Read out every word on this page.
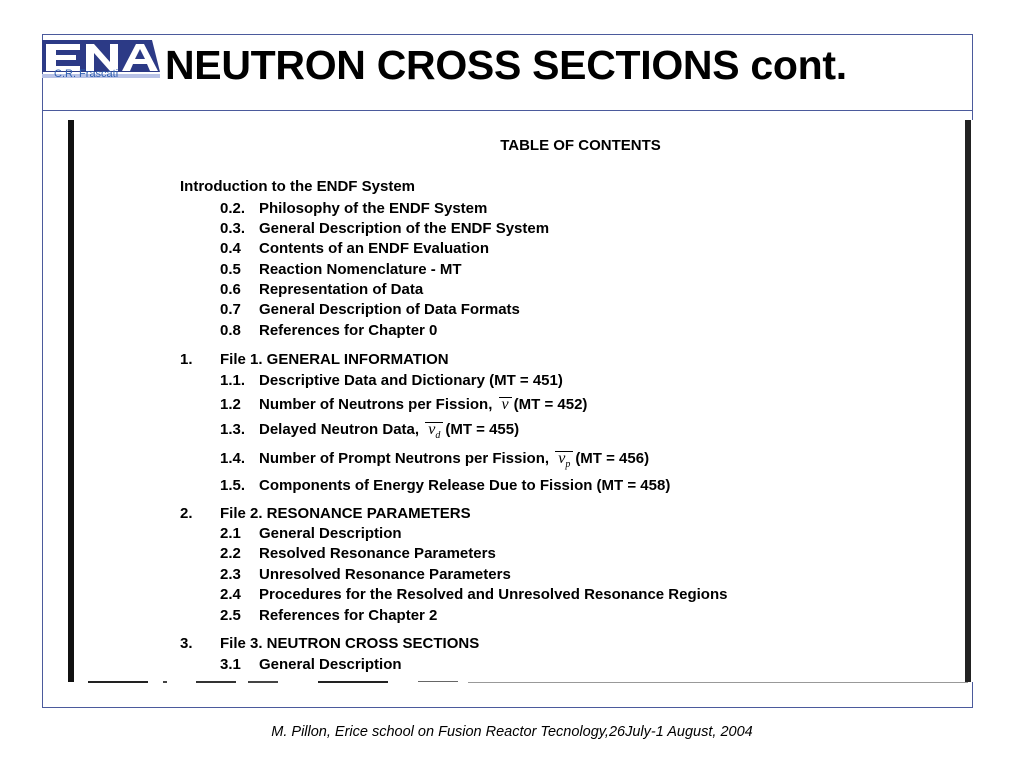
C.R. Frascati NEUTRON CROSS SECTIONS cont.
TABLE OF CONTENTS
Introduction to the ENDF System
0.2. Philosophy of the ENDF System
0.3. General Description of the ENDF System
0.4 Contents of an ENDF Evaluation
0.5 Reaction Nomenclature - MT
0.6 Representation of Data
0.7 General Description of Data Formats
0.8 References for Chapter 0
1. File 1. GENERAL INFORMATION
1.1. Descriptive Data and Dictionary (MT = 451)
1.2 Number of Neutrons per Fission, ν (MT = 452)
1.3. Delayed Neutron Data, $\nu_d$ (MT = 455)
1.4. Number of Prompt Neutrons per Fission, $\nu_p$ (MT = 456)
1.5. Components of Energy Release Due to Fission (MT = 458)
2. File 2. RESONANCE PARAMETERS
2.1 General Description
2.2 Resolved Resonance Parameters
2.3 Unresolved Resonance Parameters
2.4 Procedures for the Resolved and Unresolved Resonance Regions
2.5 References for Chapter 2
3. File 3. NEUTRON CROSS SECTIONS
3.1 General Description
M. Pillon, Erice school on Fusion Reactor Tecnology,26July-1 August, 2004
